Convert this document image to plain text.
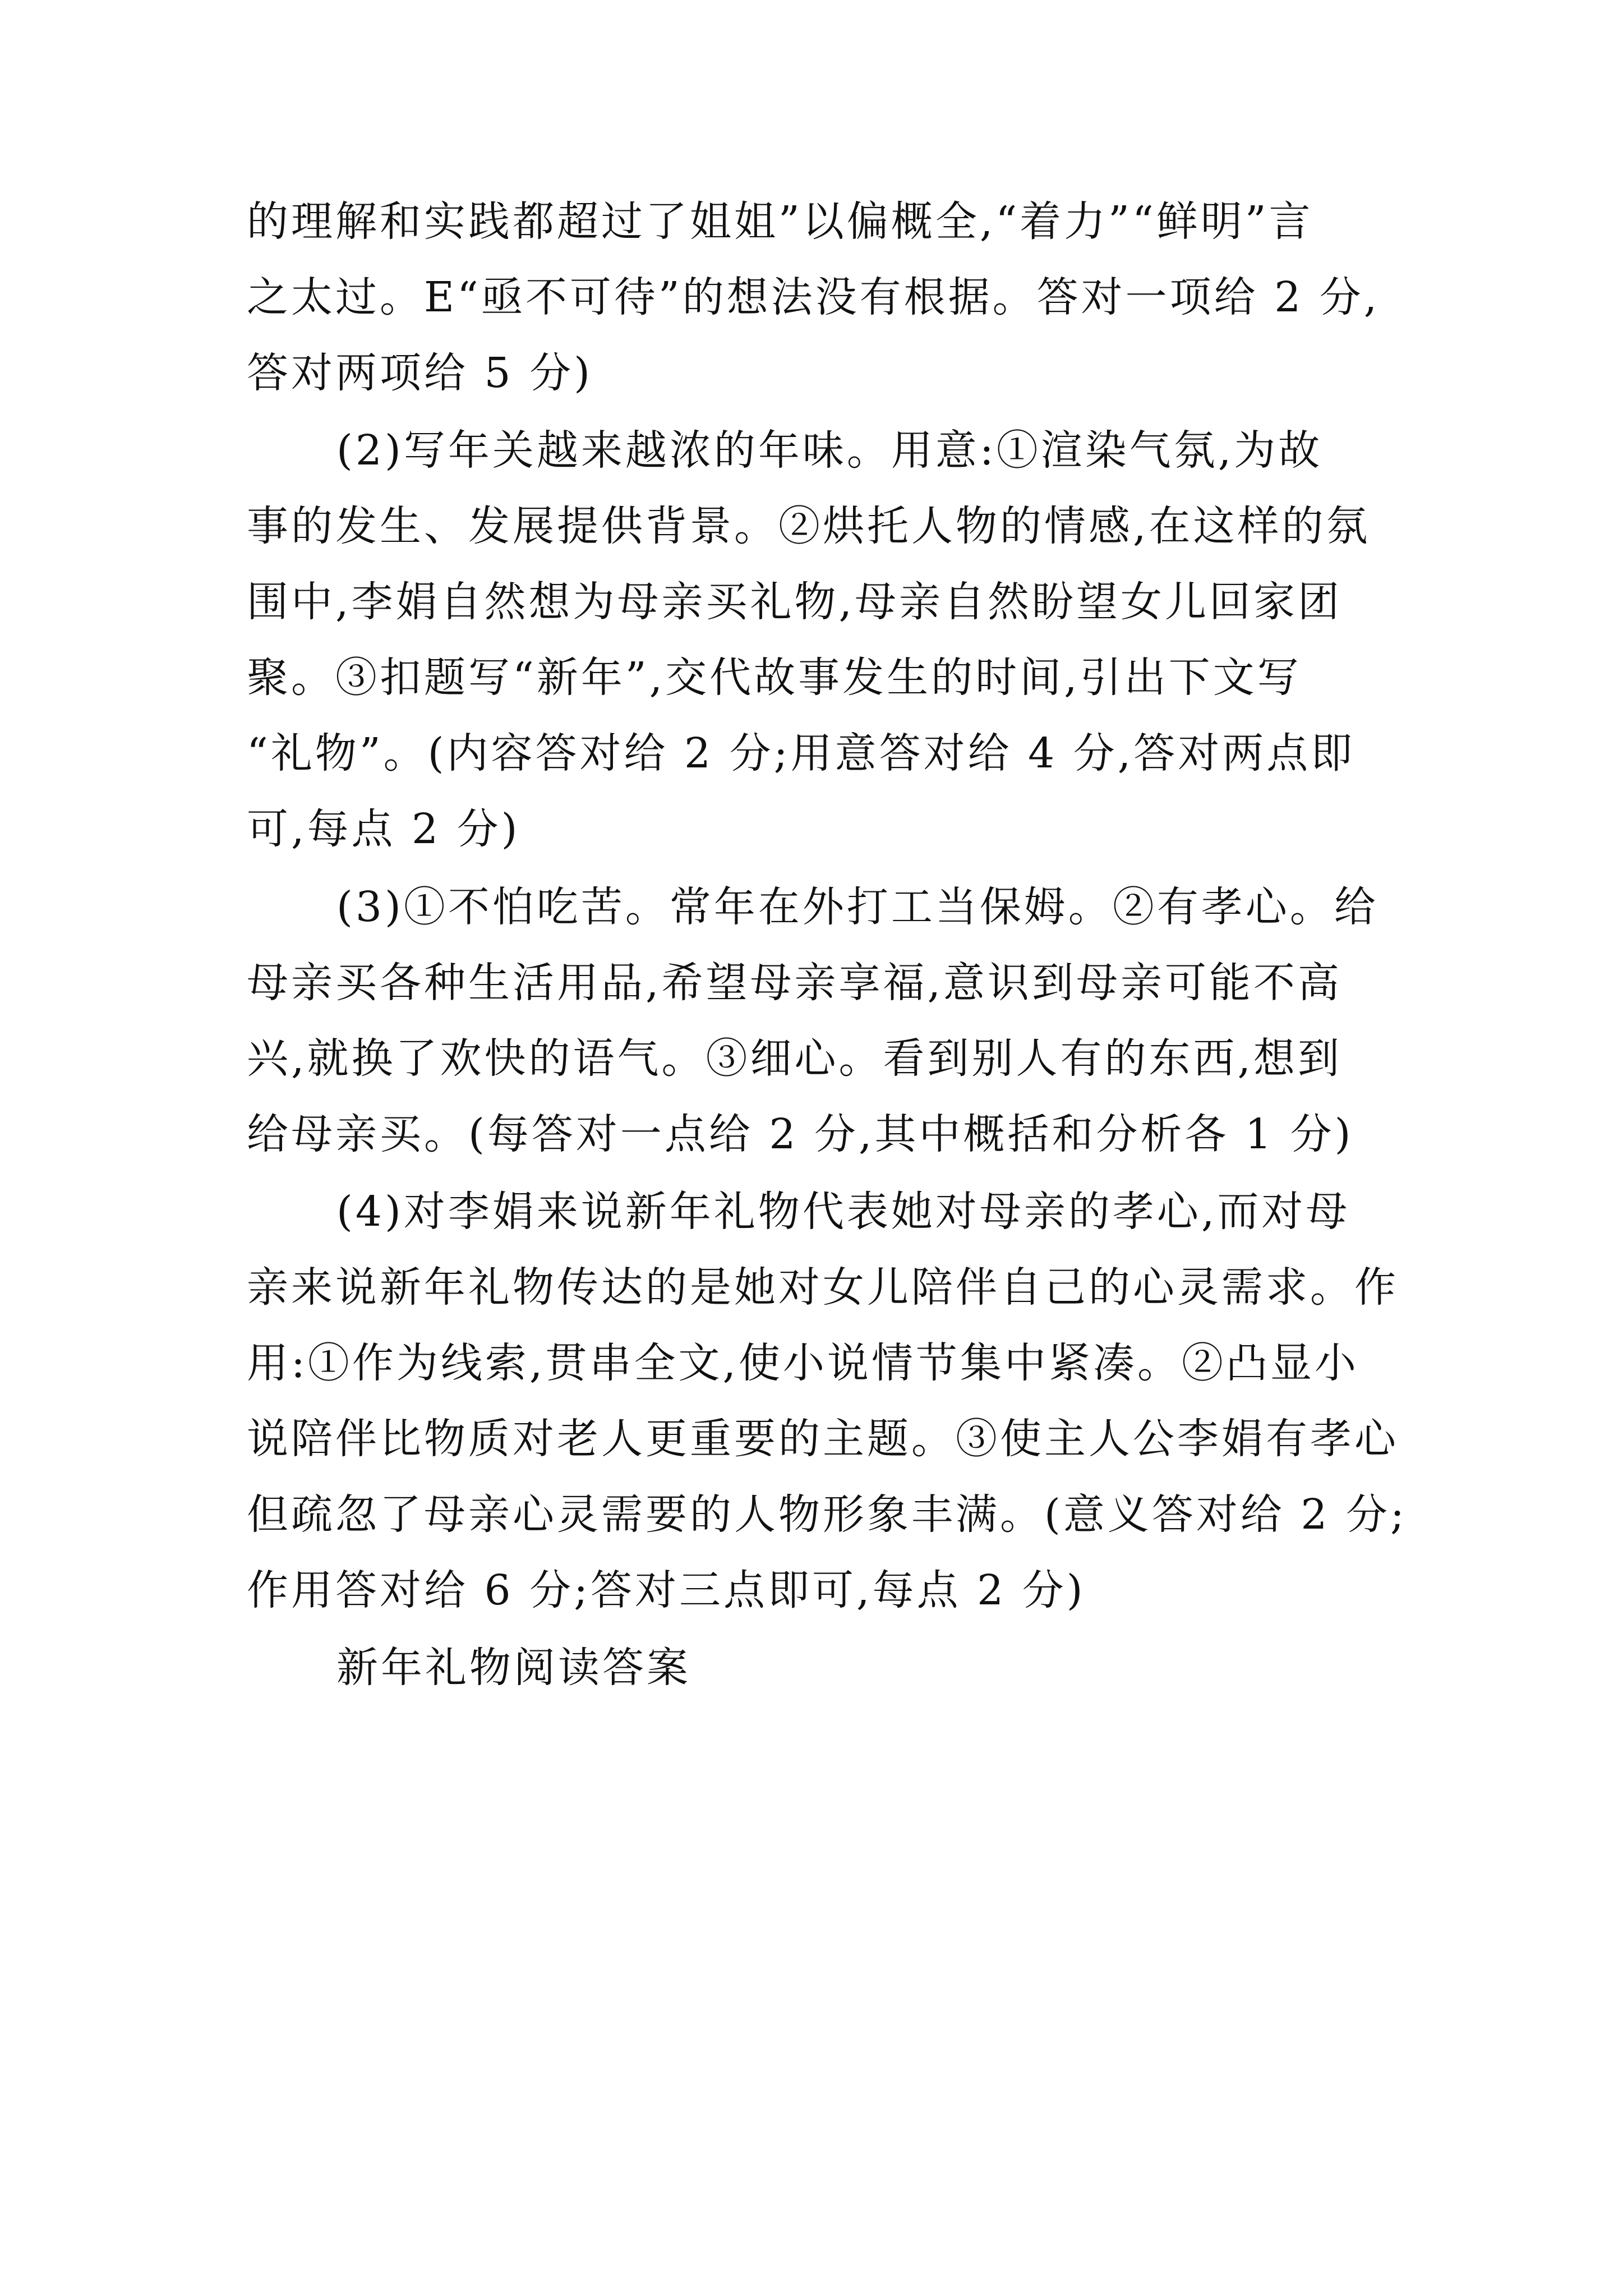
的理解和实践都超过了姐姐”以偏概全,“着力”“鲜明”言
之太过。E“亟不可待”的想法没有根据。答对一项给 2 分,
答对两项给 5 分)
(2)写年关越来越浓的年味。用意:①渲染气氛,为故
事的发生、发展提供背景。②烘托人物的情感,在这样的氛
围中,李娟自然想为母亲买礼物,母亲自然盼望女儿回家团
聚。③扣题写“新年”,交代故事发生的时间,引出下文写
“礼物”。(内容答对给 2 分;用意答对给 4 分,答对两点即
可,每点 2 分)
(3)①不怕吃苦。常年在外打工当保姆。②有孝心。给
母亲买各种生活用品,希望母亲享福,意识到母亲可能不高
兴,就换了欢快的语气。③细心。看到别人有的东西,想到
给母亲买。(每答对一点给 2 分,其中概括和分析各 1 分)
(4)对李娟来说新年礼物代表她对母亲的孝心,而对母
亲来说新年礼物传达的是她对女儿陪伴自己的心灵需求。作
用:①作为线索,贯串全文,使小说情节集中紧凑。②凸显小
说陪伴比物质对老人更重要的主题。③使主人公李娟有孝心
但疏忽了母亲心灵需要的人物形象丰满。(意义答对给 2 分;
作用答对给 6 分;答对三点即可,每点 2 分)
新年礼物阅读答案
